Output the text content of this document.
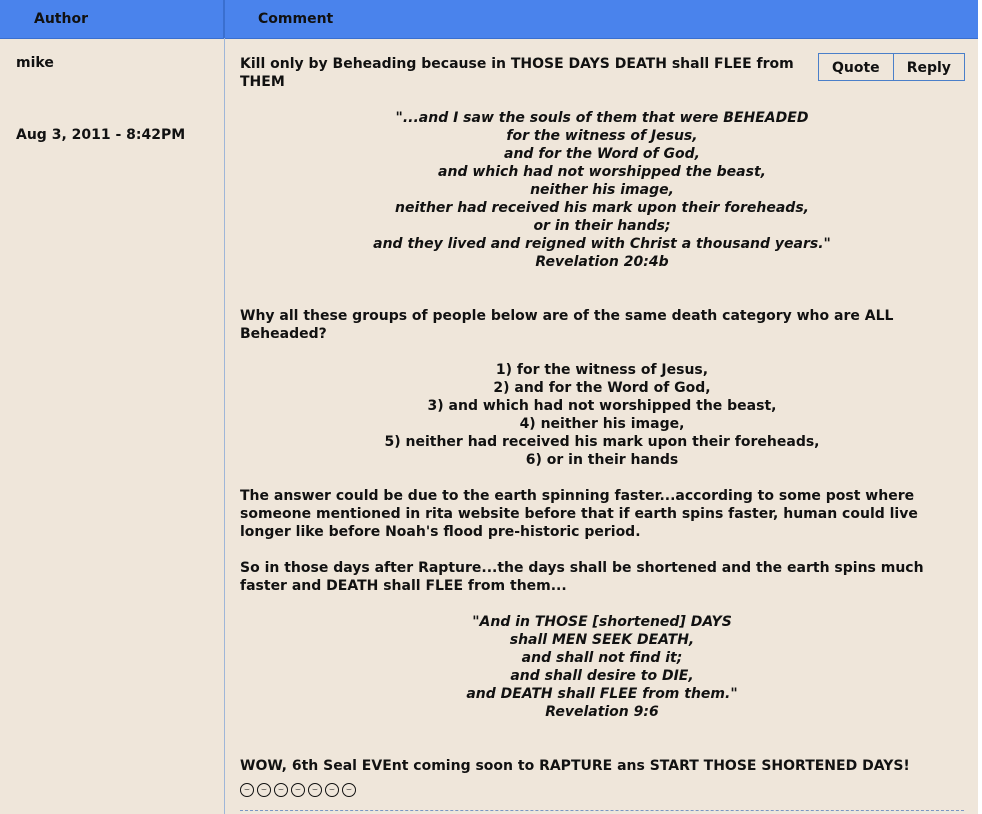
Author	Comment
mike
Aug 3, 2011 - 8:42PM
Quote	Reply

Kill only by Beheading because in THOSE DAYS DEATH shall FLEE from THEM

"...and I saw the souls of them that were BEHEADED

for the witness of Jesus,

and for the Word of God,

and which had not worshipped the beast,

neither his image,

neither had received his mark upon their foreheads,

or in their hands;

and they lived and reigned with Christ a thousand years."

Revelation 20:4b

Why all these groups of people below are of the same death category who are ALL Beheaded?

1) for the witness of Jesus,

2) and for the Word of God,

3) and which had not worshipped the beast,

4) neither his image,

5) neither had received his mark upon their foreheads,

6) or in their hands

The answer could be due to the earth spinning faster...according to some post where someone mentioned in rita website before that if earth spins faster, human could live longer like before Noah's flood pre-historic period.

So in those days after Rapture...the days shall be shortened and the earth spins much faster and DEATH shall FLEE from them...

"And in THOSE [shortened] DAYS

shall MEN SEEK DEATH,

and shall not find it;

and shall desire to DIE,

and DEATH shall FLEE from them."

Revelation 9:6

WOW, 6th Seal EVEnt coming soon to RAPTURE ans START THOSE SHORTENED DAYS!

⌣	⌣	⌣	⌣	⌣	⌣	⌣
